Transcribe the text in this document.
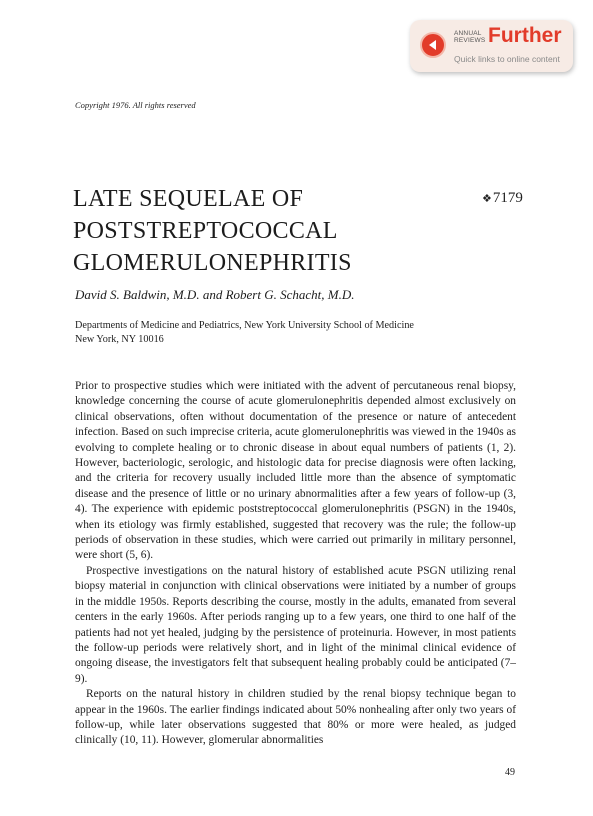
ANNUAL
REVIEWS Further
Quick links to online content
Copyright 1976. All rights reserved
LATE SEQUELAE OF
POSTSTREPTOCOCCAL
GLOMERULONEPHRITIS
❖7179
David S. Baldwin, M.D. and Robert G. Schacht, M.D.
Departments of Medicine and Pediatrics, New York University School of Medicine
New York, NY 10016

Prior to prospective studies which were initiated with the advent of percutaneous renal biopsy, knowledge concerning the course of acute glomerulonephritis depended almost exclusively on clinical observations, often without documentation of the presence or nature of antecedent infection. Based on such imprecise criteria, acute glomerulonephritis was viewed in the 1940s as evolving to complete healing or to chronic disease in about equal numbers of patients (1, 2). However, bacteriologic, serologic, and histologic data for precise diagnosis were often lacking, and the criteria for recovery usually included little more than the absence of symptomatic disease and the presence of little or no urinary abnormalities after a few years of follow-up (3, 4). The experience with epidemic poststreptococcal glomerulonephritis (PSGN) in the 1940s, when its etiology was firmly established, suggested that recovery was the rule; the follow-up periods of observation in these studies, which were carried out primarily in military personnel, were short (5, 6).

Prospective investigations on the natural history of established acute PSGN utilizing renal biopsy material in conjunction with clinical observations were initiated by a number of groups in the middle 1950s. Reports describing the course, mostly in the adults, emanated from several centers in the early 1960s. After periods ranging up to a few years, one third to one half of the patients had not yet healed, judging by the persistence of proteinuria. However, in most patients the follow-up periods were relatively short, and in light of the minimal clinical evidence of ongoing disease, the investigators felt that subsequent healing probably could be anticipated (7–9).

Reports on the natural history in children studied by the renal biopsy technique began to appear in the 1960s. The earlier findings indicated about 50% nonhealing after only two years of follow-up, while later observations suggested that 80% or more were healed, as judged clinically (10, 11). However, glomerular abnormalities

49
